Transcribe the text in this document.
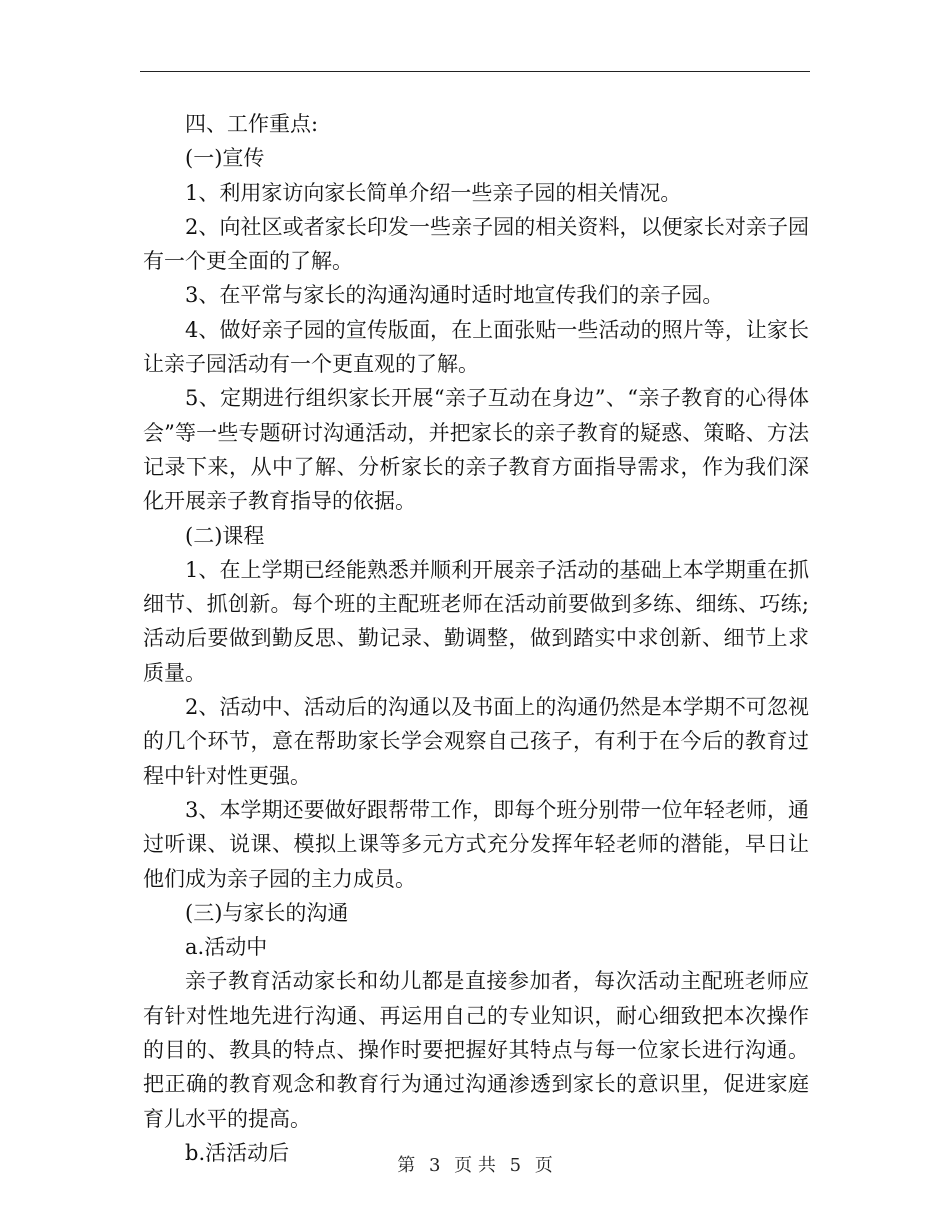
四、工作重点:

(一)宣传

1、利用家访向家长简单介绍一些亲子园的相关情况。

2、向社区或者家长印发一些亲子园的相关资料，以便家长对亲子园有一个更全面的了解。

3、在平常与家长的沟通沟通时适时地宣传我们的亲子园。

4、做好亲子园的宣传版面，在上面张贴一些活动的照片等，让家长让亲子园活动有一个更直观的了解。

5、定期进行组织家长开展“亲子互动在身边”、“亲子教育的心得体会”等一些专题研讨沟通活动，并把家长的亲子教育的疑惑、策略、方法记录下来，从中了解、分析家长的亲子教育方面指导需求，作为我们深化开展亲子教育指导的依据。

(二)课程

1、在上学期已经能熟悉并顺利开展亲子活动的基础上本学期重在抓细节、抓创新。每个班的主配班老师在活动前要做到多练、细练、巧练;活动后要做到勤反思、勤记录、勤调整，做到踏实中求创新、细节上求质量。

2、活动中、活动后的沟通以及书面上的沟通仍然是本学期不可忽视的几个环节，意在帮助家长学会观察自己孩子，有利于在今后的教育过程中针对性更强。

3、本学期还要做好跟帮带工作，即每个班分别带一位年轻老师，通过听课、说课、模拟上课等多元方式充分发挥年轻老师的潜能，早日让他们成为亲子园的主力成员。

(三)与家长的沟通

a.活动中

亲子教育活动家长和幼儿都是直接参加者，每次活动主配班老师应有针对性地先进行沟通、再运用自己的专业知识，耐心细致把本次操作的目的、教具的特点、操作时要把握好其特点与每一位家长进行沟通。把正确的教育观念和教育行为通过沟通渗透到家长的意识里，促进家庭育儿水平的提高。

b.活活动后

第 3 页 共 5 页
